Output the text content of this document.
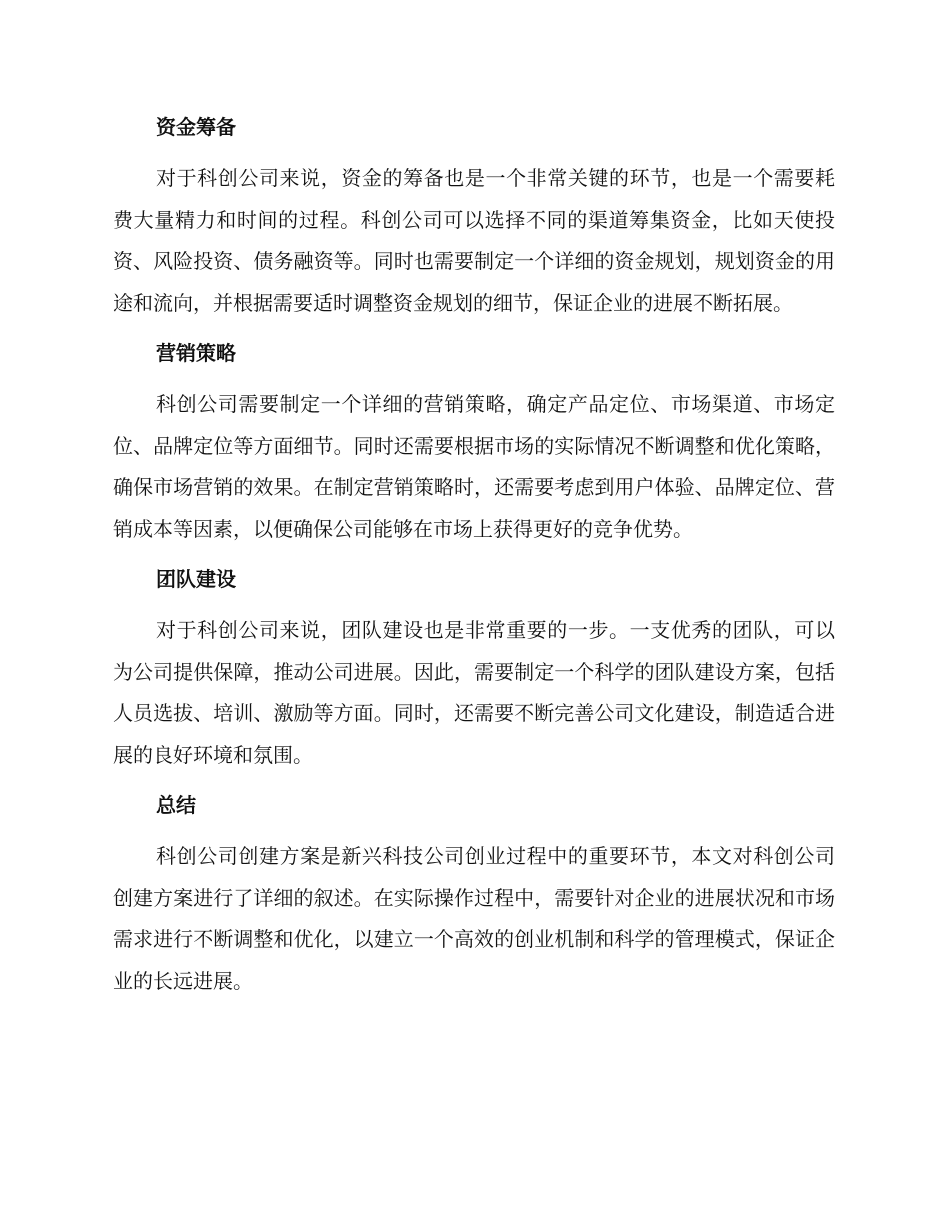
资金筹备

对于科创公司来说，资金的筹备也是一个非常关键的环节，也是一个需要耗费大量精力和时间的过程。科创公司可以选择不同的渠道筹集资金，比如天使投资、风险投资、债务融资等。同时也需要制定一个详细的资金规划，规划资金的用途和流向，并根据需要适时调整资金规划的细节，保证企业的进展不断拓展。

营销策略

科创公司需要制定一个详细的营销策略，确定产品定位、市场渠道、市场定位、品牌定位等方面细节。同时还需要根据市场的实际情况不断调整和优化策略，确保市场营销的效果。在制定营销策略时，还需要考虑到用户体验、品牌定位、营销成本等因素，以便确保公司能够在市场上获得更好的竞争优势。

团队建设

对于科创公司来说，团队建设也是非常重要的一步。一支优秀的团队，可以为公司提供保障，推动公司进展。因此，需要制定一个科学的团队建设方案，包括人员选拔、培训、激励等方面。同时，还需要不断完善公司文化建设，制造适合进展的良好环境和氛围。

总结

科创公司创建方案是新兴科技公司创业过程中的重要环节，本文对科创公司创建方案进行了详细的叙述。在实际操作过程中，需要针对企业的进展状况和市场需求进行不断调整和优化，以建立一个高效的创业机制和科学的管理模式，保证企业的长远进展。
